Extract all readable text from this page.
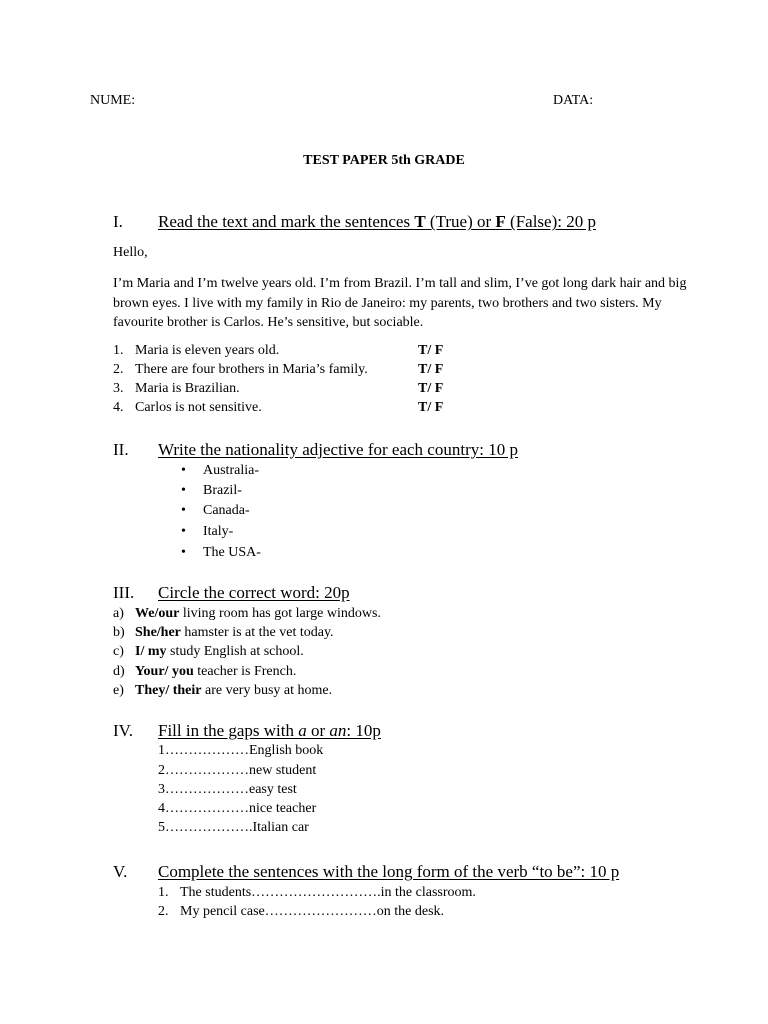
NUME:	DATA:
TEST PAPER 5th GRADE
I. Read the text and mark the sentences T (True) or F (False): 20 p
Hello,
I’m Maria and I’m twelve years old. I’m from Brazil. I’m tall and slim, I’ve got long dark hair and big brown eyes. I live with my family in Rio de Janeiro: my parents, two brothers and two sisters. My favourite brother is Carlos. He’s sensitive, but sociable.
1. Maria is eleven years old.	T/ F
2. There are four brothers in Maria’s family.	T/ F
3. Maria is Brazilian.	T/ F
4. Carlos is not sensitive.	T/ F
II. Write the nationality adjective for each country: 10 p
• Australia-
• Brazil-
• Canada-
• Italy-
• The USA-
III. Circle the correct word: 20p
a) We/our living room has got large windows.
b) She/her hamster is at the vet today.
c) I/ my study English at school.
d) Your/ you teacher is French.
e) They/ their are very busy at home.
IV. Fill in the gaps with a or an: 10p
1………………English book
2………………new student
3………………easy test
4………………nice teacher
5……………….Italian car
V. Complete the sentences with the long form of the verb “to be”: 10 p
1. The students……………………….in the classroom.
2. My pencil case……………………on the desk.
